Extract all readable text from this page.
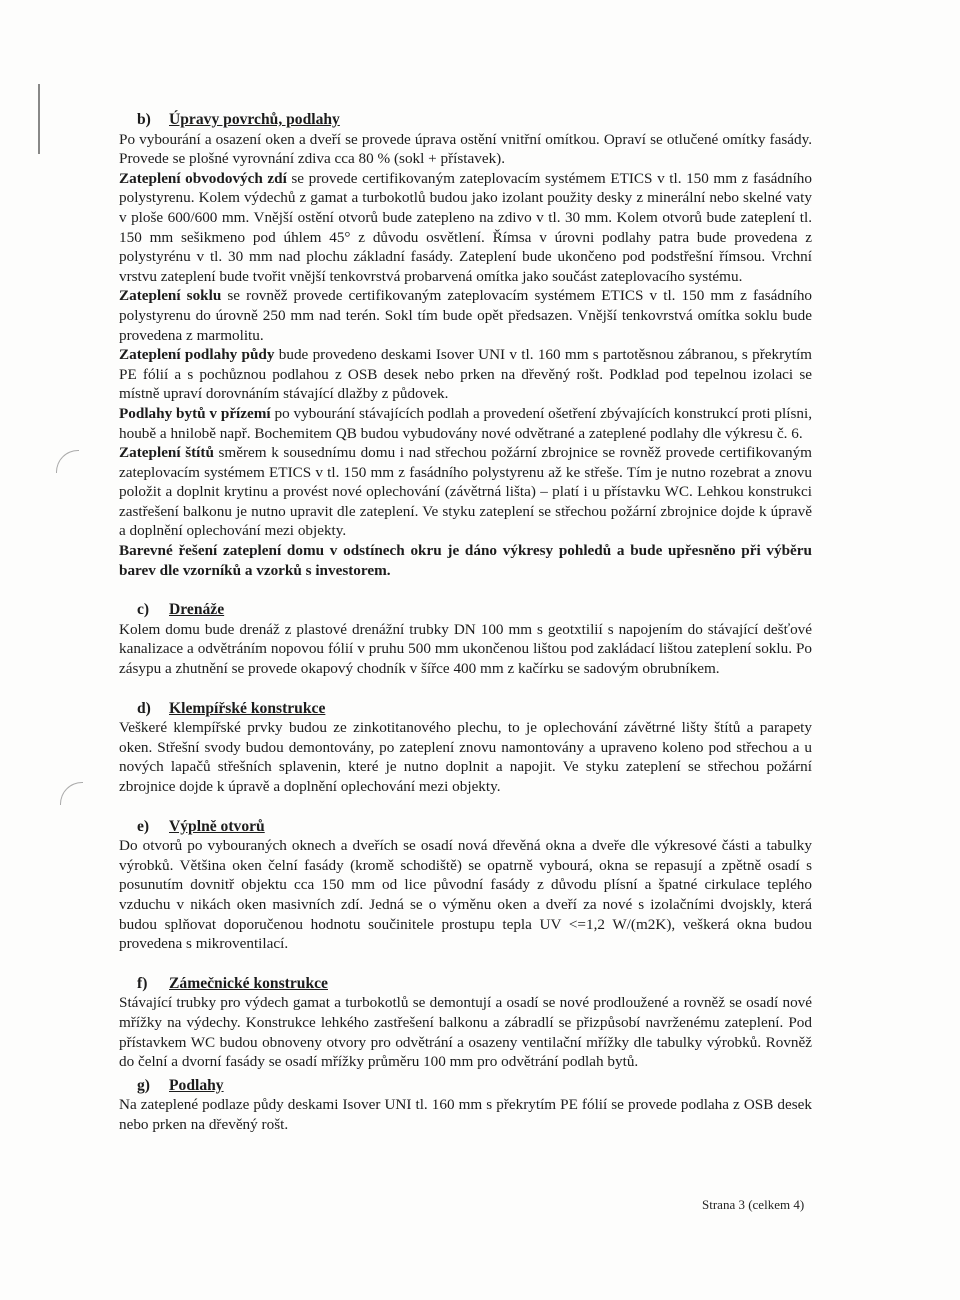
b) Úpravy povrchů, podlahy

Po vybourání a osazení oken a dveří se provede úprava ostění vnitřní omítkou. Opraví se otlučené omítky fasády. Provede se plošné vyrovnání zdiva cca 80 % (sokl + přístavek).

Zateplení obvodových zdí se provede certifikovaným zateplovacím systémem ETICS v tl. 150 mm z fasádního polystyrenu. Kolem výdechů z gamat a turbokotlů budou jako izolant použity desky z minerální nebo skelné vaty v ploše 600/600 mm. Vnější ostění otvorů bude zatepleno na zdivo v tl. 30 mm. Kolem otvorů bude zateplení tl. 150 mm sešikmeno pod úhlem 45° z důvodu osvětlení. Římsa v úrovni podlahy patra bude provedena z polystyrénu v tl. 30 mm nad plochu základní fasády. Zateplení bude ukončeno pod podstřešní římsou. Vrchní vrstvu zateplení bude tvořit vnější tenkovrstvá probarvená omítka jako součást zateplovacího systému.

Zateplení soklu se rovněž provede certifikovaným zateplovacím systémem ETICS v tl. 150 mm z fasádního polystyrenu do úrovně 250 mm nad terén. Sokl tím bude opět předsazen. Vnější tenkovrstvá omítka soklu bude provedena z marmolitu.

Zateplení podlahy půdy bude provedeno deskami Isover UNI v tl. 160 mm s partotěsnou zábranou, s překrytím PE fólií a s pochůznou podlahou z OSB desek nebo prken na dřevěný rošt. Podklad pod tepelnou izolaci se místně upraví dorovnáním stávající dlažby z půdovek.

Podlahy bytů v přízemí po vybourání stávajících podlah a provedení ošetření zbývajících konstrukcí proti plísni, houbě a hnilobě např. Bochemitem QB budou vybudovány nové odvětrané a zateplené podlahy dle výkresu č. 6.

Zateplení štítů směrem k sousednímu domu i nad střechou požární zbrojnice se rovněž provede certifikovaným zateplovacím systémem ETICS v tl. 150 mm z fasádního polystyrenu až ke střeše. Tím je nutno rozebrat a znovu položit a doplnit krytinu a provést nové oplechování (závětrná lišta) – platí i u přístavku WC. Lehkou konstrukci zastřešení balkonu je nutno upravit dle zateplení. Ve styku zateplení se střechou požární zbrojnice dojde k úpravě a doplnění oplechování mezi objekty.

Barevné řešení zateplení domu v odstínech okru je dáno výkresy pohledů a bude upřesněno při výběru barev dle vzorníků a vzorků s investorem.

c) Drenáže

Kolem domu bude drenáž z plastové drenážní trubky DN 100 mm s geotxtilií s napojením do stávající dešťové kanalizace a odvětráním nopovou fólií v pruhu 500 mm ukončenou lištou pod zakládací lištou zateplení soklu. Po zásypu a zhutnění se provede okapový chodník v šířce 400 mm z kačírku se sadovým obrubníkem.

d) Klempířské konstrukce

Veškeré klempířské prvky budou ze zinkotitanového plechu, to je oplechování závětrné lišty štítů a parapety oken. Střešní svody budou demontovány, po zateplení znovu namontovány a upraveno koleno pod střechou a u nových lapačů střešních splavenin, které je nutno doplnit a napojit. Ve styku zateplení se střechou požární zbrojnice dojde k úpravě a doplnění oplechování mezi objekty.

e) Výplně otvorů

Do otvorů po vybouraných oknech a dveřích se osadí nová dřevěná okna a dveře dle výkresové části a tabulky výrobků. Většina oken čelní fasády (kromě schodiště) se opatrně vybourá, okna se repasují a zpětně osadí s posunutím dovnitř objektu cca 150 mm od lice původní fasády z důvodu plísní a špatné cirkulace teplého vzduchu v nikách oken masivních zdí. Jedná se o výměnu oken a dveří za nové s izolačními dvojskly, která budou splňovat doporučenou hodnotu součinitele prostupu tepla UV <=1,2 W/(m2K), veškerá okna budou provedena s mikroventilací.

f) Zámečnické konstrukce

Stávající trubky pro výdech gamat a turbokotlů se demontují a osadí se nové prodloužené a rovněž se osadí nové mřížky na výdechy. Konstrukce lehkého zastřešení balkonu a zábradlí se přizpůsobí navrženému zateplení. Pod přístavkem WC budou obnoveny otvory pro odvětrání a osazeny ventilační mřížky dle tabulky výrobků. Rovněž do čelní a dvorní fasády se osadí mřížky průměru 100 mm pro odvětrání podlah bytů.

g) Podlahy

Na zateplené podlaze půdy deskami Isover UNI tl. 160 mm s překrytím PE fólií se provede podlaha z OSB desek nebo prken na dřevěný rošt.

Strana 3 (celkem 4)
